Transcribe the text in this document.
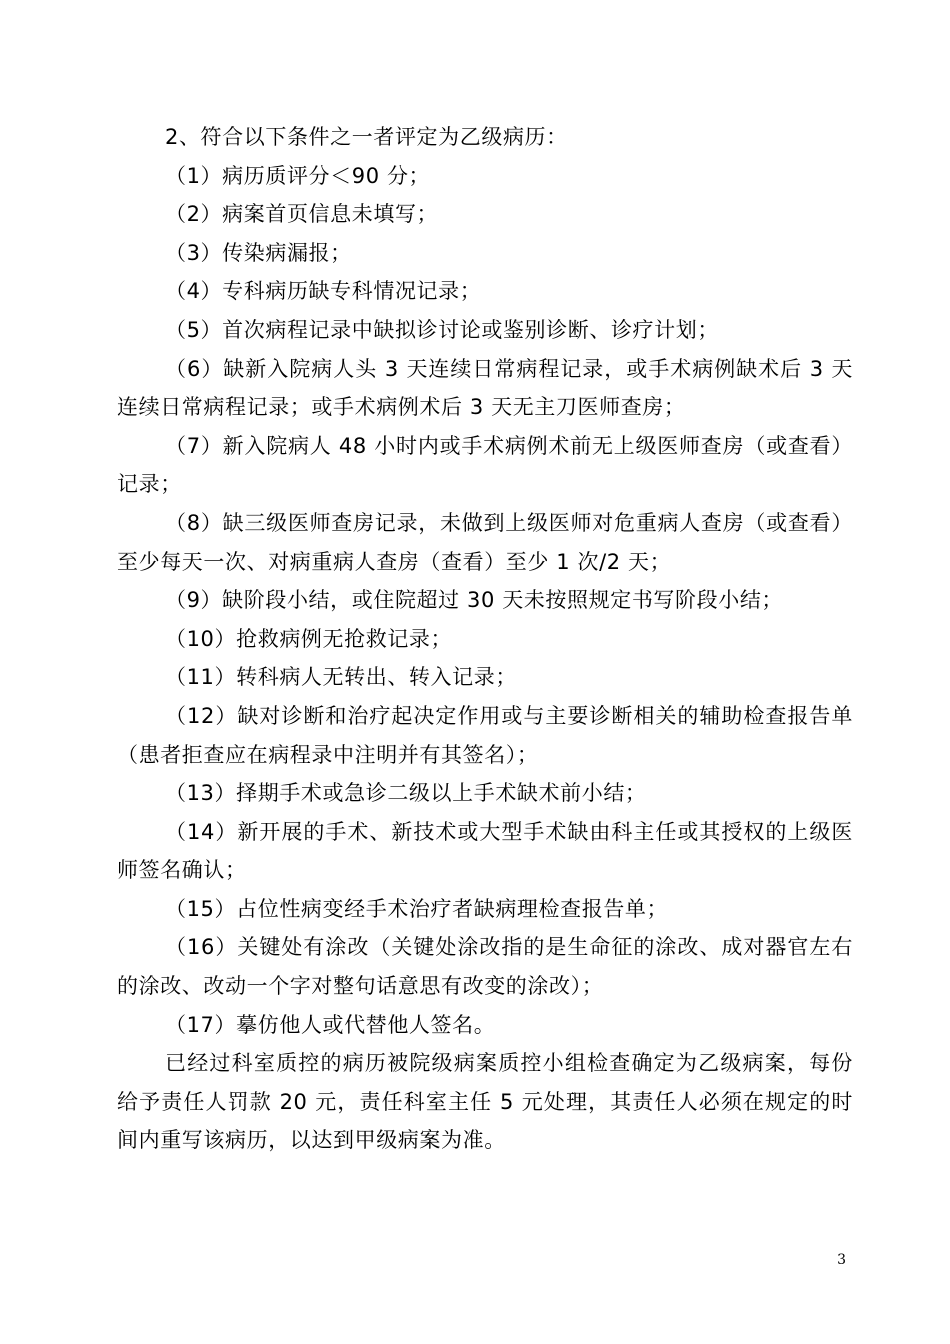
2、符合以下条件之一者评定为乙级病历：

（1）病历质评分＜90 分；

（2）病案首页信息未填写；

（3）传染病漏报；

（4）专科病历缺专科情况记录；

（5）首次病程记录中缺拟诊讨论或鉴别诊断、诊疗计划；

（6）缺新入院病人头 3 天连续日常病程记录，或手术病例缺术后 3 天连续日常病程记录；或手术病例术后 3 天无主刀医师查房；

（7）新入院病人 48 小时内或手术病例术前无上级医师查房（或查看）记录；

（8）缺三级医师查房记录，未做到上级医师对危重病人查房（或查看）至少每天一次、对病重病人查房（查看）至少 1 次/2 天；

（9）缺阶段小结，或住院超过 30 天未按照规定书写阶段小结；

（10）抢救病例无抢救记录；

（11）转科病人无转出、转入记录；

（12）缺对诊断和治疗起决定作用或与主要诊断相关的辅助检查报告单（患者拒查应在病程录中注明并有其签名）；

（13）择期手术或急诊二级以上手术缺术前小结；

（14）新开展的手术、新技术或大型手术缺由科主任或其授权的上级医师签名确认；

（15）占位性病变经手术治疗者缺病理检查报告单；

（16）关键处有涂改（关键处涂改指的是生命征的涂改、成对器官左右的涂改、改动一个字对整句话意思有改变的涂改）；

（17）摹仿他人或代替他人签名。

已经过科室质控的病历被院级病案质控小组检查确定为乙级病案，每份给予责任人罚款 20 元，责任科室主任 5 元处理，其责任人必须在规定的时间内重写该病历，以达到甲级病案为准。

3
